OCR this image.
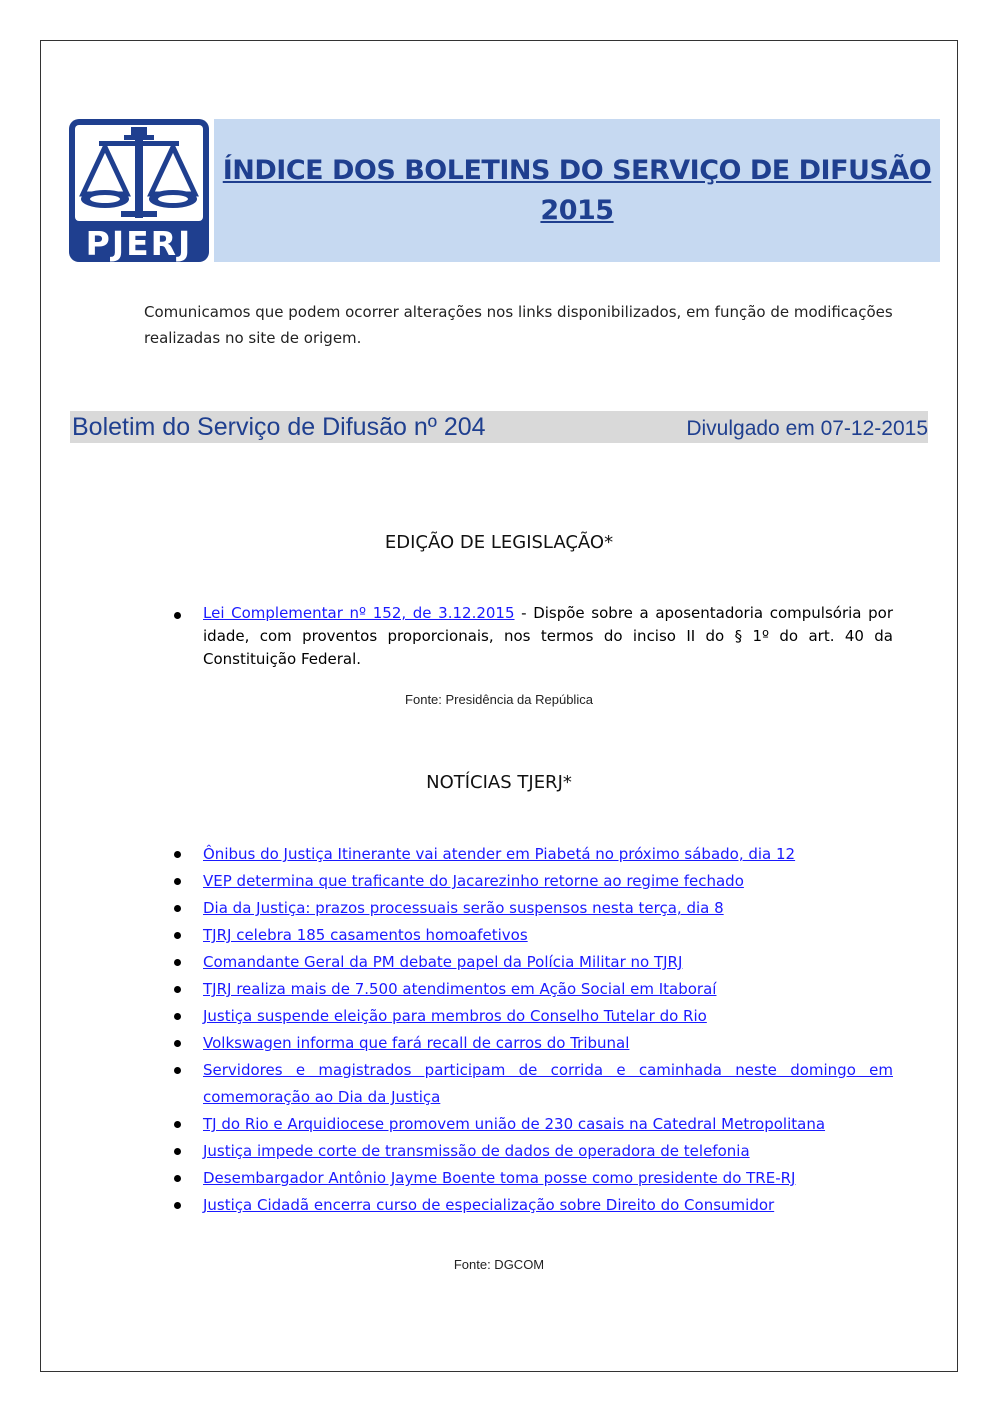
PJERJ
ÍNDICE DOS BOLETINS DO SERVIÇO DE DIFUSÃO
2015
Comunicamos que podem ocorrer alterações nos links disponibilizados, em função de modificações realizadas no site de origem.
Boletim do Serviço de Difusão nº 204	Divulgado em 07-12-2015
EDIÇÃO DE LEGISLAÇÃO*
Lei Complementar nº 152, de 3.12.2015 - Dispõe sobre a aposentadoria compulsória por idade, com proventos proporcionais, nos termos do inciso II do § 1º do art. 40 da Constituição Federal.
Fonte: Presidência da República
NOTÍCIAS TJERJ*
Ônibus do Justiça Itinerante vai atender em Piabetá no próximo sábado, dia 12
VEP determina que traficante do Jacarezinho retorne ao regime fechado
Dia da Justiça: prazos processuais serão suspensos nesta terça, dia 8
TJRJ celebra 185 casamentos homoafetivos
Comandante Geral da PM debate papel da Polícia Militar no TJRJ
TJRJ realiza mais de 7.500 atendimentos em Ação Social em Itaboraí
Justiça suspende eleição para membros do Conselho Tutelar do Rio
Volkswagen informa que fará recall de carros do Tribunal
Servidores e magistrados participam de corrida e caminhada neste domingo em comemoração ao Dia da Justiça
TJ do Rio e Arquidiocese promovem união de 230 casais na Catedral Metropolitana
Justiça impede corte de transmissão de dados de operadora de telefonia
Desembargador Antônio Jayme Boente toma posse como presidente do TRE-RJ
Justiça Cidadã encerra curso de especialização sobre Direito do Consumidor
Fonte: DGCOM
